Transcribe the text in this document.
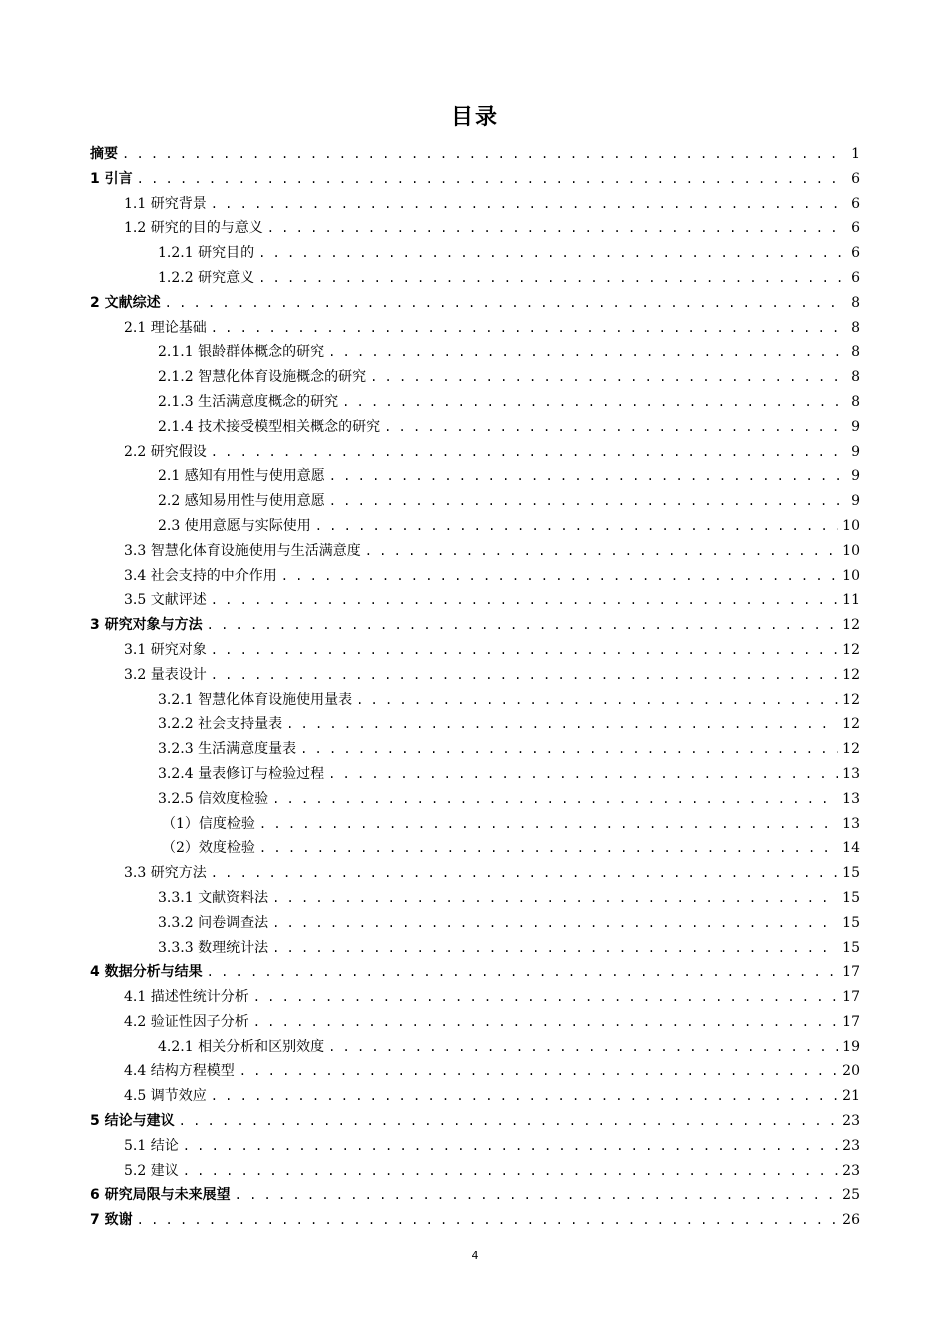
目录
摘要 . . .	1
1 引言 . . .	6
1.1 研究背景 . . .	6
1.2 研究的目的与意义 . . .	6
1.2.1 研究目的 . . .	6
1.2.2 研究意义 . . .	6
2 文献综述 . . .	8
2.1 理论基础 . . .	8
2.1.1 银龄群体概念的研究 . . .	8
2.1.2 智慧化体育设施概念的研究 . . .	8
2.1.3 生活满意度概念的研究 . . .	8
2.1.4 技术接受模型相关概念的研究 . . .	9
2.2 研究假设 . . .	9
2.1 感知有用性与使用意愿 . . .	9
2.2 感知易用性与使用意愿 . . .	9
2.3 使用意愿与实际使用 . . .	10
3.3 智慧化体育设施使用与生活满意度 . . .	10
3.4 社会支持的中介作用 . . .	10
3.5 文献评述 . . .	11
3 研究对象与方法 . . .	12
3.1 研究对象 . . .	12
3.2 量表设计 . . .	12
3.2.1 智慧化体育设施使用量表 . . .	12
3.2.2 社会支持量表 . . .	12
3.2.3 生活满意度量表 . . .	12
3.2.4 量表修订与检验过程 . . .	13
3.2.5 信效度检验 . . .	13
（1）信度检验 . . .	13
（2）效度检验 . . .	14
3.3 研究方法 . . .	15
3.3.1 文献资料法 . . .	15
3.3.2 问卷调查法 . . .	15
3.3.3 数理统计法 . . .	15
4 数据分析与结果 . . .	17
4.1 描述性统计分析 . . .	17
4.2 验证性因子分析 . . .	17
4.2.1 相关分析和区别效度 . . .	19
4.4 结构方程模型 . . .	20
4.5 调节效应 . . .	21
5 结论与建议 . . .	23
5.1 结论 . . .	23
5.2 建议 . . .	23
6 研究局限与未来展望 . . .	25
7 致谢 . . .	26
4
